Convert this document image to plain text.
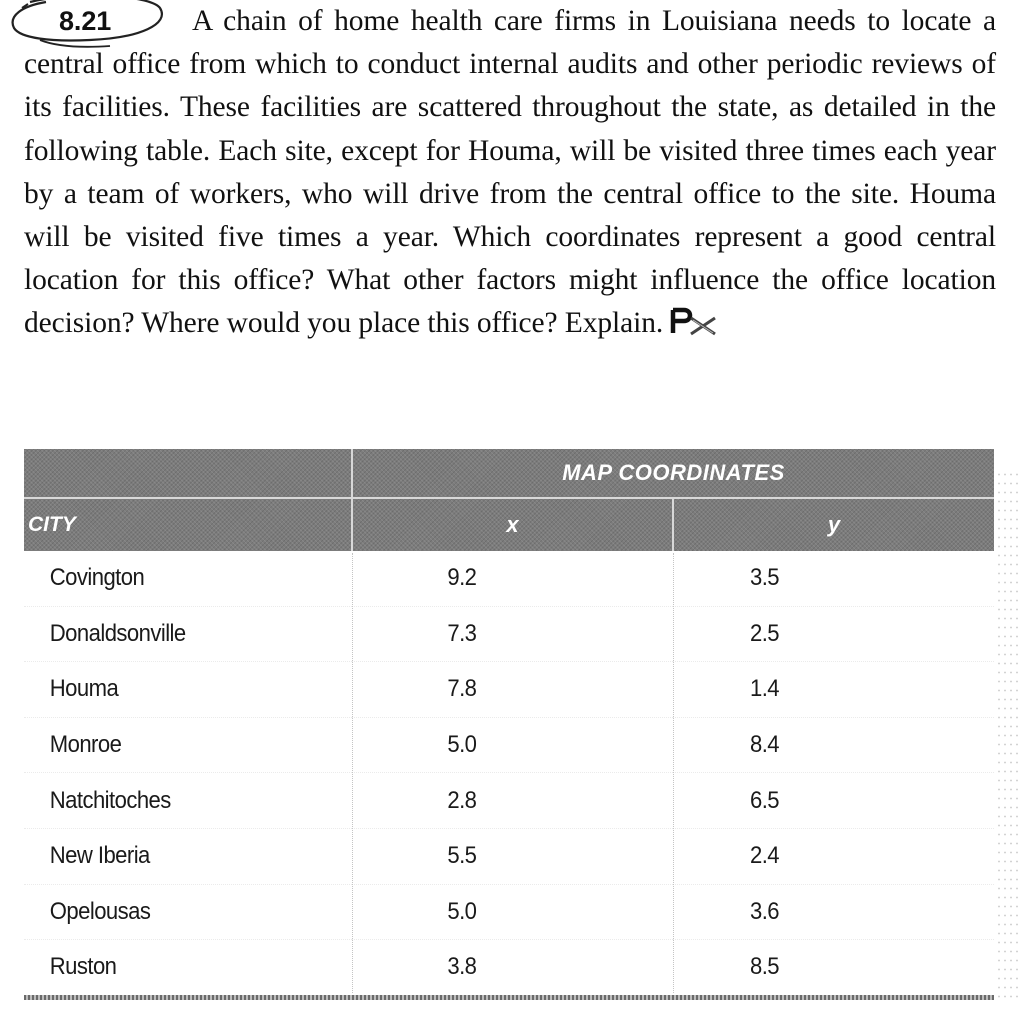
8.21	A chain of home health care firms in Louisiana needs to locate a central office from which to conduct internal audits and other periodic reviews of its facilities. These facilities are scattered throughout the state, as detailed in the following table. Each site, except for Houma, will be visited three times each year by a team of workers, who will drive from the central office to the site. Houma will be visited five times a year. Which coordinates represent a good central location for this office? What other factors might influence the office location decision? Where would you place this office? Explain.
	MAP COORDINATES	
CITY	x	y
Covington	9.2	3.5
Donaldsonville	7.3	2.5
Houma	7.8	1.4
Monroe	5.0	8.4
Natchitoches	2.8	6.5
New Iberia	5.5	2.4
Opelousas	5.0	3.6
Ruston	3.8	8.5
